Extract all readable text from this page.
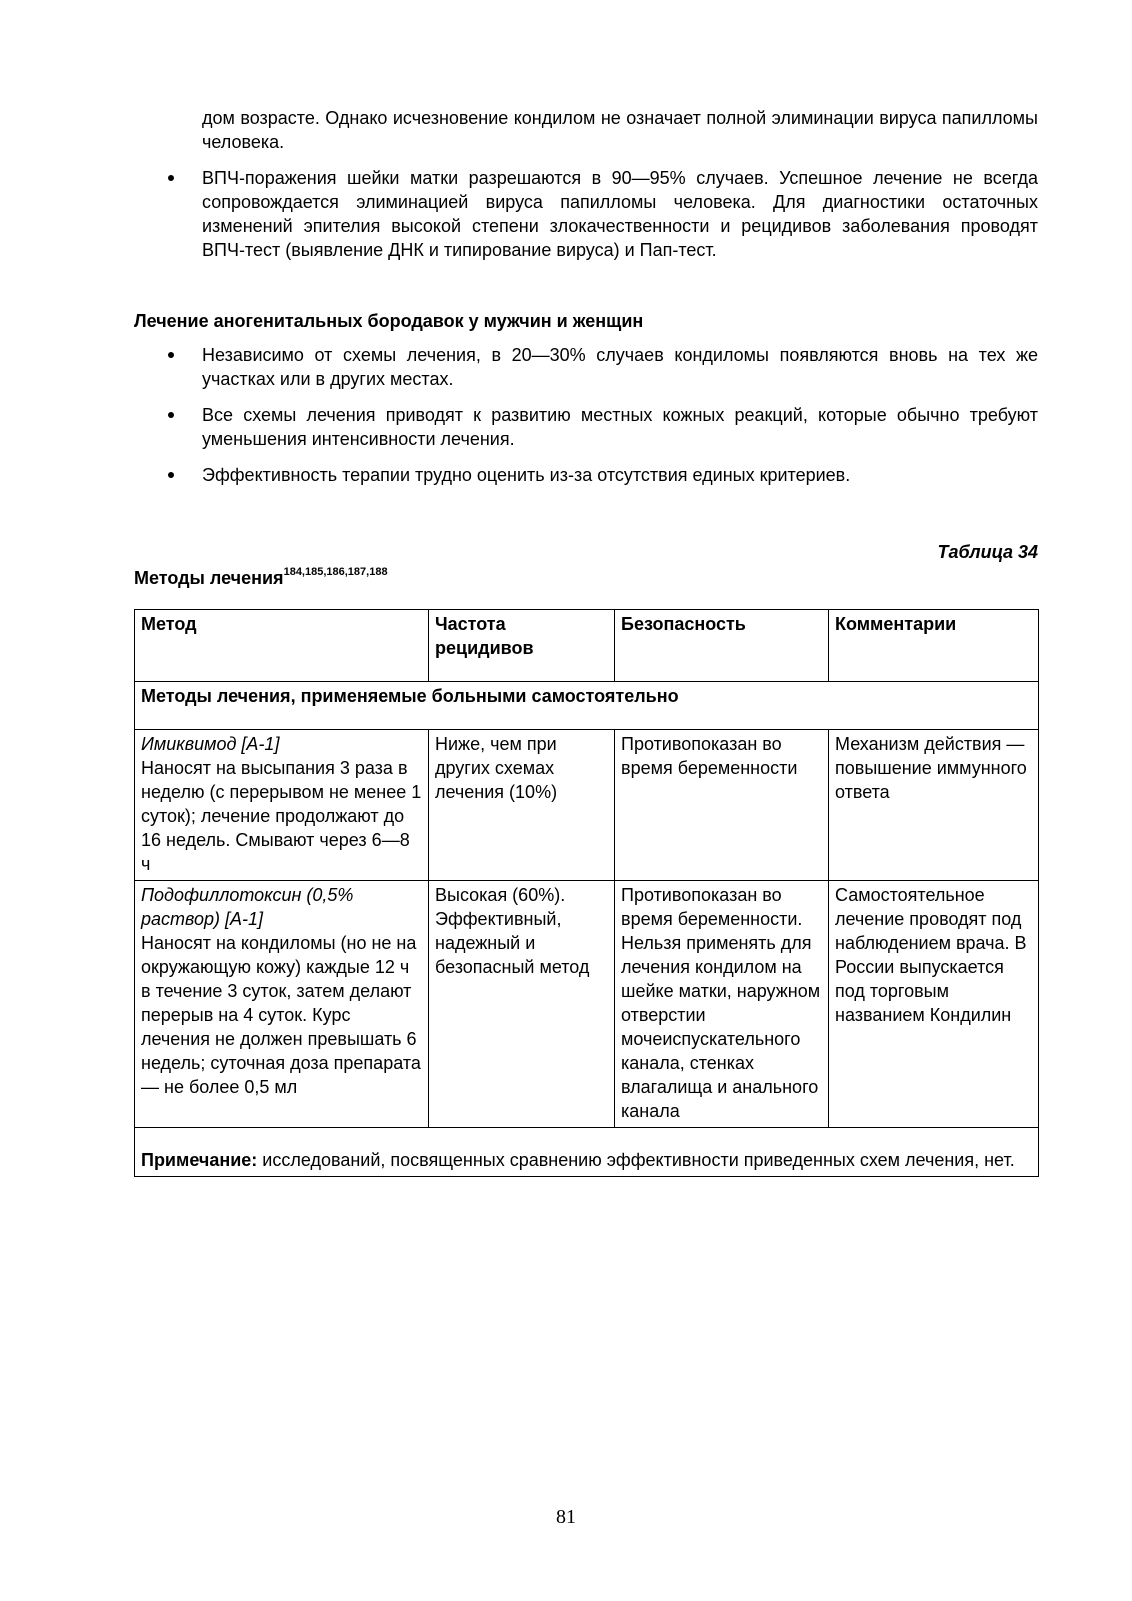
дом возрасте. Однако исчезновение кондилом не означает полной элиминации вируса папилломы человека.
ВПЧ-поражения шейки матки разрешаются в 90—95% случаев. Успешное лечение не всегда сопровождается элиминацией вируса папилломы человека. Для диагностики остаточных изменений эпителия высокой степени злокачественности и рецидивов заболевания проводят ВПЧ-тест (выявление ДНК и типирование вируса) и Пап-тест.
Лечение аногенитальных бородавок у мужчин и женщин
Независимо от схемы лечения, в 20—30% случаев кондиломы появляются вновь на тех же участках или в других местах.
Все схемы лечения приводят к развитию местных кожных реакций, которые обычно требуют уменьшения интенсивности лечения.
Эффективность терапии трудно оценить из-за отсутствия единых критериев.
Таблица 34
Методы лечения$^{184,185,186,187,188}$
Метод	Частота рецидивов	Безопасность	Комментарии
Методы лечения, применяемые больными самостоятельно			

Имиквимод [А-1]
Наносят на высыпания 3 раза в неделю (с перерывом не менее 1 суток); лечение продолжают до 16 недель. Смывают через 6—8 ч	Ниже, чем при других схемах лечения (10%)	Противопоказан во время беременности	Механизм действия — повышение иммунного ответа

Подофиллотоксин (0,5% раствор) [А-1]
Наносят на кондиломы (но не на окружающую кожу) каждые 12 ч в течение 3 суток, затем делают перерыв на 4 суток. Курс лечения не должен превышать 6 недель; суточная доза препарата — не более 0,5 мл	Высокая (60%). Эффективный, надежный и безопасный метод	Противопоказан во время беременности. Нельзя применять для лечения кондилом на шейке матки, наружном отверстии мочеиспускательного канала, стенках влагалища и анального канала	Самостоятельное лечение проводят под наблюдением врача. В России выпускается под торговым названием Кондилин
Примечание: исследований, посвященных сравнению эффективности приведенных схем лечения, нет.			
81
